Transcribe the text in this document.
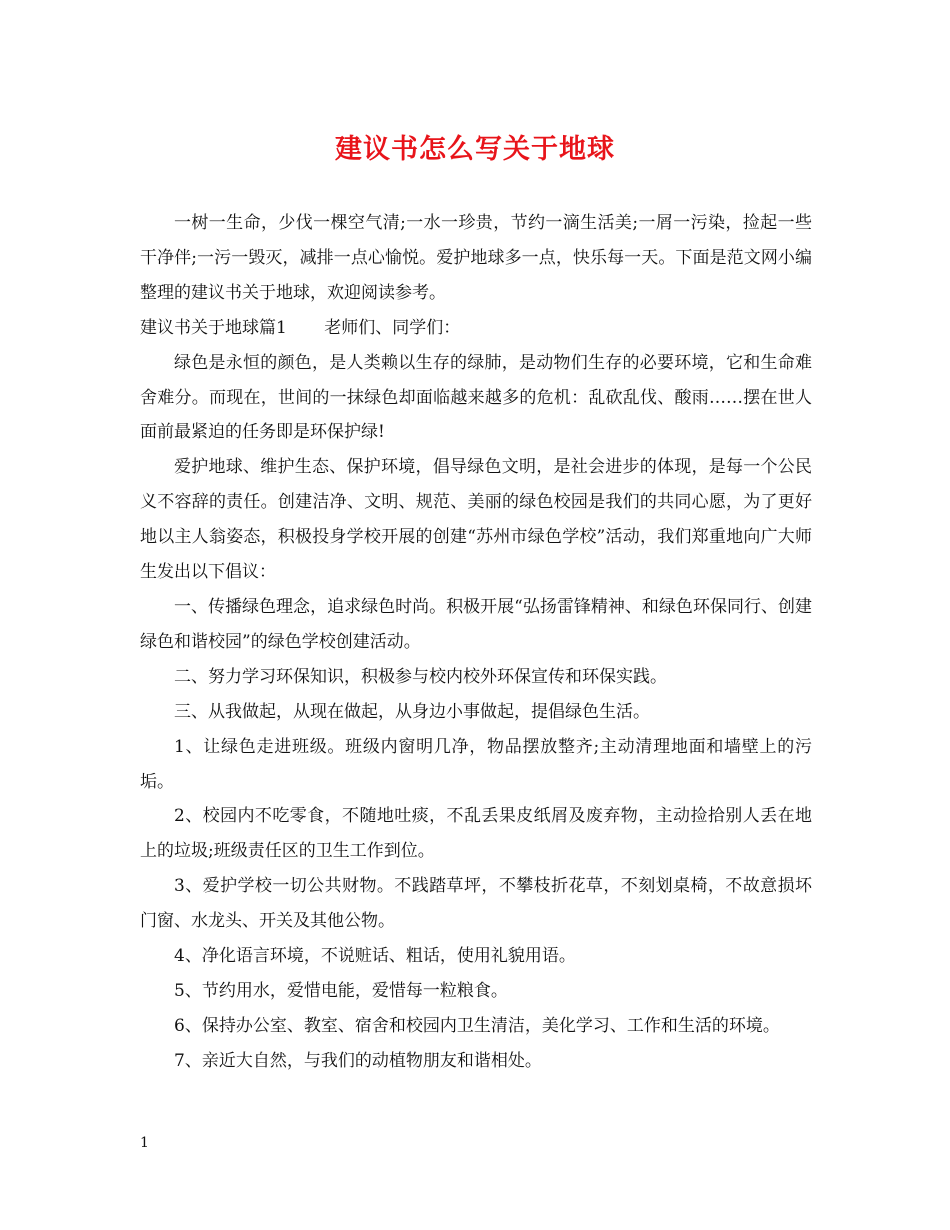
建议书怎么写关于地球

一树一生命，少伐一棵空气清;一水一珍贵，节约一滴生活美;一屑一污染，捡起一些干净伴;一污一毁灭，减排一点心愉悦。爱护地球多一点，快乐每一天。下面是范文网小编整理的建议书关于地球，欢迎阅读参考。

建议书关于地球篇1 老师们、同学们：

绿色是永恒的颜色，是人类赖以生存的绿肺，是动物们生存的必要环境，它和生命难舍难分。而现在，世间的一抹绿色却面临越来越多的危机：乱砍乱伐、酸雨……摆在世人面前最紧迫的任务即是环保护绿!

爱护地球、维护生态、保护环境，倡导绿色文明，是社会进步的体现，是每一个公民义不容辞的责任。创建洁净、文明、规范、美丽的绿色校园是我们的共同心愿，为了更好地以主人翁姿态，积极投身学校开展的创建“苏州市绿色学校”活动，我们郑重地向广大师生发出以下倡议：

一、传播绿色理念，追求绿色时尚。积极开展“弘扬雷锋精神、和绿色环保同行、创建绿色和谐校园”的绿色学校创建活动。

二、努力学习环保知识，积极参与校内校外环保宣传和环保实践。

三、从我做起，从现在做起，从身边小事做起，提倡绿色生活。

1、让绿色走进班级。班级内窗明几净，物品摆放整齐;主动清理地面和墙壁上的污垢。

2、校园内不吃零食，不随地吐痰，不乱丢果皮纸屑及废弃物，主动捡拾别人丢在地上的垃圾;班级责任区的卫生工作到位。

3、爱护学校一切公共财物。不践踏草坪，不攀枝折花草，不刻划桌椅，不故意损坏门窗、水龙头、开关及其他公物。

4、净化语言环境，不说赃话、粗话，使用礼貌用语。

5、节约用水，爱惜电能，爱惜每一粒粮食。

6、保持办公室、教室、宿舍和校园内卫生清洁，美化学习、工作和生活的环境。

7、亲近大自然，与我们的动植物朋友和谐相处。

1
